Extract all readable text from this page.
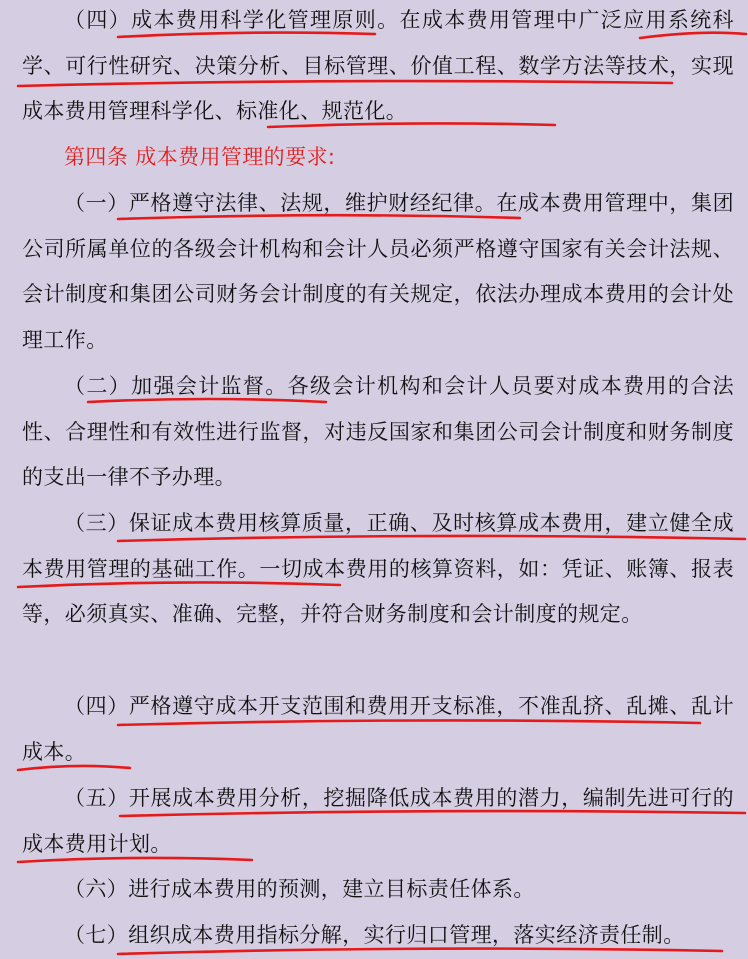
（四）成本费用科学化管理原则。在成本费用管理中广泛应用系统科学、可行性研究、决策分析、目标管理、价值工程、数学方法等技术，实现成本费用管理科学化、标准化、规范化。
第四条 成本费用管理的要求:
（一）严格遵守法律、法规，维护财经纪律。在成本费用管理中，集团公司所属单位的各级会计机构和会计人员必须严格遵守国家有关会计法规、会计制度和集团公司财务会计制度的有关规定，依法办理成本费用的会计处理工作。
（二）加强会计监督。各级会计机构和会计人员要对成本费用的合法性、合理性和有效性进行监督，对违反国家和集团公司会计制度和财务制度的支出一律不予办理。
（三）保证成本费用核算质量，正确、及时核算成本费用，建立健全成本费用管理的基础工作。一切成本费用的核算资料，如：凭证、账簿、报表等，必须真实、准确、完整，并符合财务制度和会计制度的规定。
（四）严格遵守成本开支范围和费用开支标准，不准乱挤、乱摊、乱计成本。
（五）开展成本费用分析，挖掘降低成本费用的潜力，编制先进可行的成本费用计划。
（六）进行成本费用的预测，建立目标责任体系。
（七）组织成本费用指标分解，实行归口管理，落实经济责任制。
